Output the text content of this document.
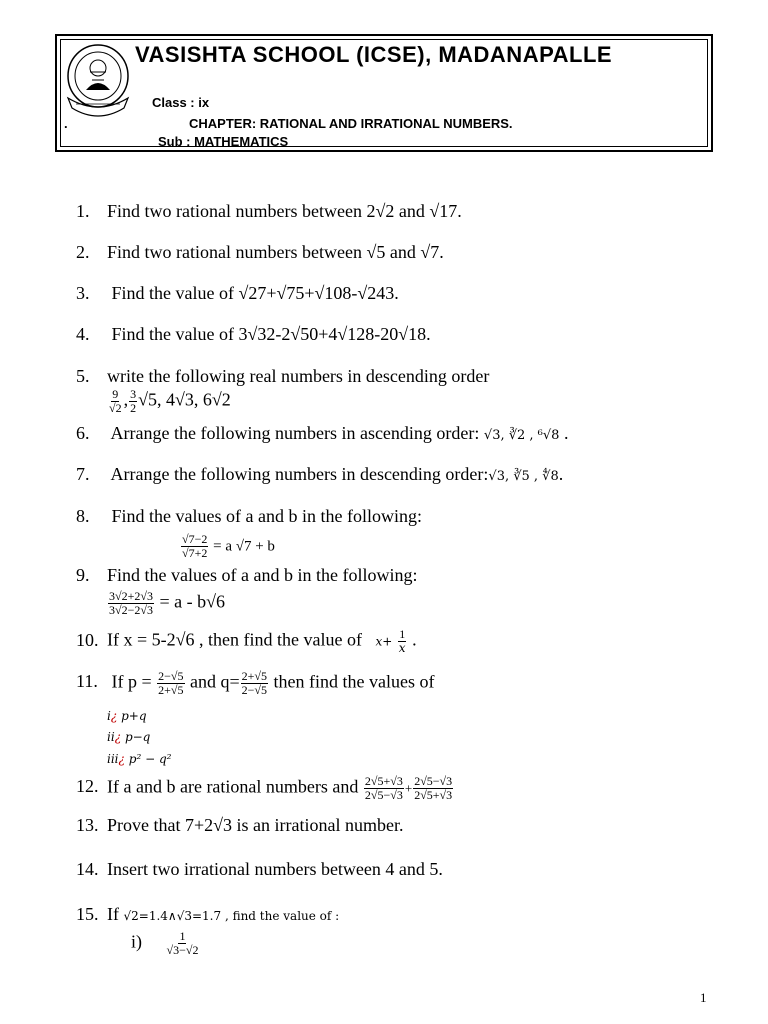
VASISHTA SCHOOL (ICSE), MADANAPALLE
Class : ix
.	CHAPTER: RATIONAL AND IRRATIONAL NUMBERS.
Sub : MATHEMATICS
1. Find two rational numbers between 2√2 and √17.
2. Find two rational numbers between √5 and √7.
3. Find the value of √27+√75+√108-√243.
4. Find the value of 3√32-2√50+4√128-20√18.
5. write the following real numbers in descending order
$\frac{9}{√2}$ , $\frac{3}{2} √5$, 4√3, 6√2
6. Arrange the following numbers in ascending order: √3, ∛2 , ⁶√8 .
7. Arrange the following numbers in descending order:√3, ∛5 , ∜8.
8. Find the values of a and b in the following:
$\frac{√7-2}{√7+2} = a$ √7 + b
9. Find the values of a and b in the following:
$\frac{3√2+2√3}{3√2-2√3} = a - b√6$
10. If x = 5-2√6 , then find the value of   $x+ \frac{1}{x}$ .
11. If $p = \frac{2-√5}{2+√5}$ and $q= \frac{2+√5}{2-√5}$ then find the values of
i¿ p+q
ii¿ p−q
iii¿ p² − q²
12. If a and b are rational numbers and $\frac{2√5+√3}{2√5-√3} + \frac{2√5-√3}{2√5+√3}$
13. Prove that 7+2√3 is an irrational number.
14. Insert two irrational numbers between 4 and 5.
15. If √2=1.4∧√3=1.7 , find the value of :
$i) \frac{1}{√3-√2}$
1
